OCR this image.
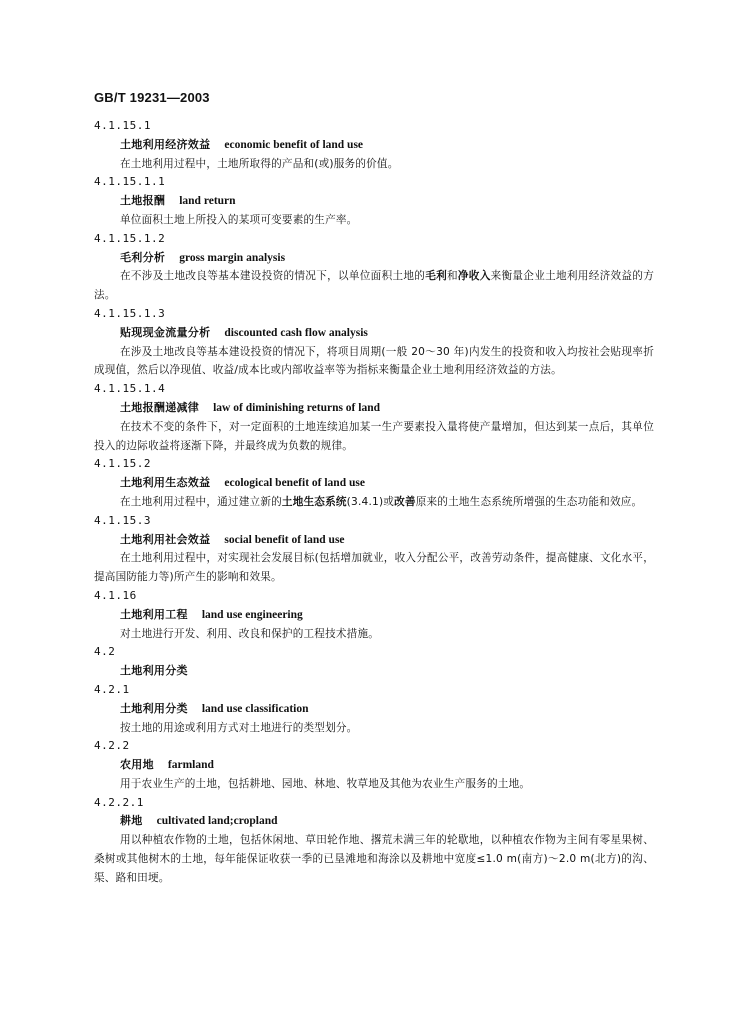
GB/T 19231—2003
4.1.15.1
土地利用经济效益 economic benefit of land use
在土地利用过程中，土地所取得的产品和(或)服务的价值。
4.1.15.1.1
土地报酬 land return
单位面积土地上所投入的某项可变要素的生产率。
4.1.15.1.2
毛利分析 gross margin analysis
在不涉及土地改良等基本建设投资的情况下，以单位面积土地的毛利和净收入来衡量企业土地利用经济效益的方法。
4.1.15.1.3
贴现现金流量分析 discounted cash flow analysis
在涉及土地改良等基本建设投资的情况下，将项目周期(一般 20～30 年)内发生的投资和收入均按社会贴现率折成现值，然后以净现值、收益/成本比或内部收益率等为指标来衡量企业土地利用经济效益的方法。
4.1.15.1.4
土地报酬递减律 law of diminishing returns of land
在技术不变的条件下，对一定面积的土地连续追加某一生产要素投入量将使产量增加，但达到某一点后，其单位投入的边际收益将逐渐下降，并最终成为负数的规律。
4.1.15.2
土地利用生态效益 ecological benefit of land use
在土地利用过程中，通过建立新的土地生态系统(3.4.1)或改善原来的土地生态系统所增强的生态功能和效应。
4.1.15.3
土地利用社会效益 social benefit of land use
在土地利用过程中，对实现社会发展目标(包括增加就业，收入分配公平，改善劳动条件，提高健康、文化水平，提高国防能力等)所产生的影响和效果。
4.1.16
土地利用工程 land use engineering
对土地进行开发、利用、改良和保护的工程技术措施。
4.2
土地利用分类
4.2.1
土地利用分类 land use classification
按土地的用途或利用方式对土地进行的类型划分。
4.2.2
农用地 farmland
用于农业生产的土地，包括耕地、园地、林地、牧草地及其他为农业生产服务的土地。
4.2.2.1
耕地 cultivated land;cropland
用以种植农作物的土地，包括休闲地、草田轮作地、撂荒未满三年的轮歇地，以种植农作物为主间有零星果树、桑树或其他树木的土地，每年能保证收获一季的已垦滩地和海涂以及耕地中宽度≤1.0 m(南方)～2.0 m(北方)的沟、渠、路和田埂。
